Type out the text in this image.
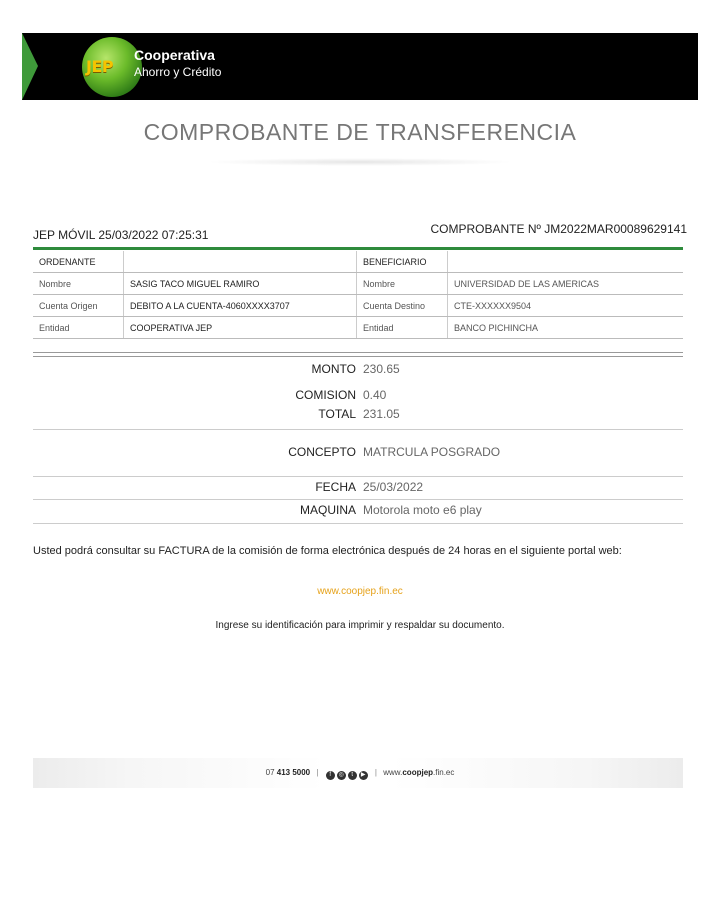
JEP
Cooperativa
Ahorro y Crédito
COMPROBANTE DE TRANSFERENCIA
JEP MÓVIL 25/03/2022 07:25:31	COMPROBANTE Nº JM2022MAR00089629141
ORDENANTE		BENEFICIARIO	
Nombre	SASIG TACO MIGUEL RAMIRO	Nombre	UNIVERSIDAD DE LAS AMERICAS
Cuenta Origen	DEBITO A LA CUENTA-4060XXXX3707	Cuenta Destino	CTE-XXXXXX9504
Entidad	COOPERATIVA JEP	Entidad	BANCO PICHINCHA
MONTO 230.65
COMISION 0.40
TOTAL 231.05
CONCEPTO MATRCULA POSGRADO
FECHA 25/03/2022
MAQUINA Motorola moto e6 play
Usted podrá consultar su FACTURA de la comisión de forma electrónica después de 24 horas en el siguiente portal web:
www.coopjep.fin.ec
Ingrese su identificación para imprimir y respaldar su documento.
07 413 5000 | f ◎ t ▶ | www.coopjep.fin.ec
